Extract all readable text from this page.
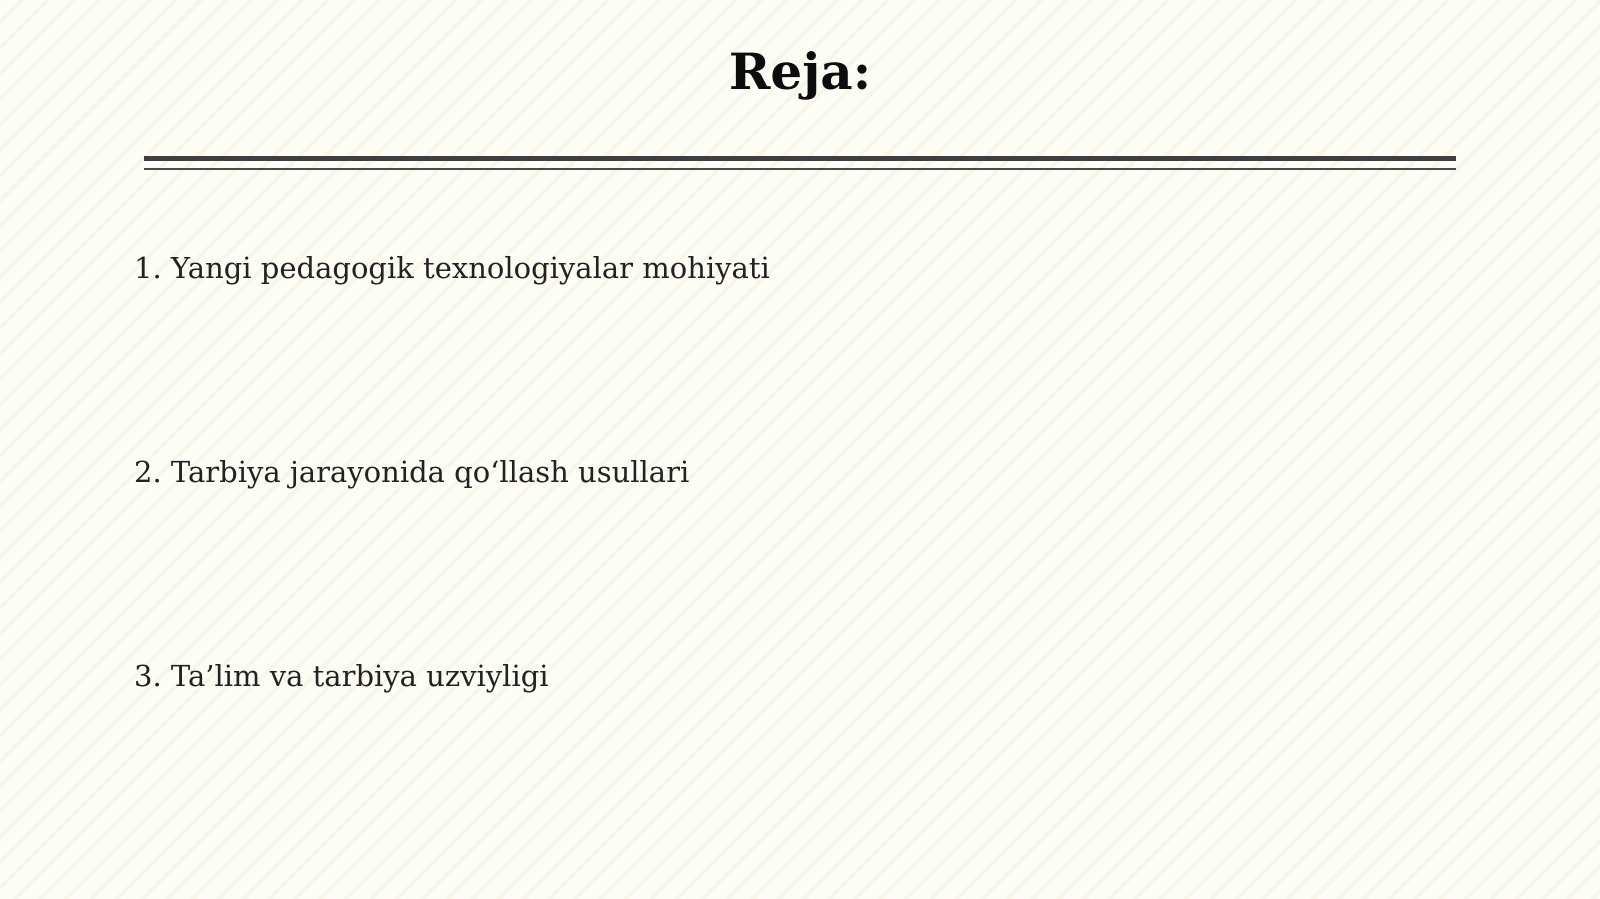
Reja:
1. Yangi pedagogik texnologiyalar mohiyati
2. Tarbiya jarayonida qo‘llash usullari
3. Ta’lim va tarbiya uzviyligi
